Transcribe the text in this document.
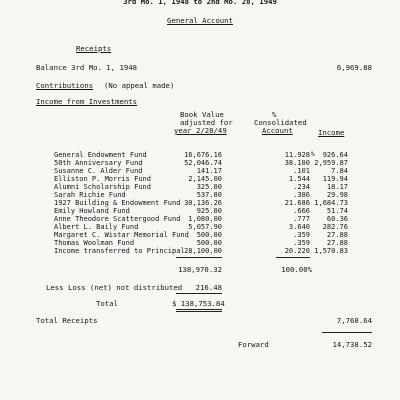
3rd Mo. 1, 1948 to 2nd Mo. 28, 1949
General Account
Receipts
Balance 3rd Mo. 1, 1948	6,969.88
Contributions (No appeal made)
Income from Investments
Book Value
adjusted for
year 2/28/49
%
Consolidated
Account	Income
General Endowment Fund	16,676.16	11.928	926.64
%
50th Anniversary Fund	52,046.74	38.100 2,959.87
Susanne C. Alder Fund	141.17	.101	7.84
Elliston P. Morris Fund	2,145.00	1.544	119.94
Alumni Scholarship Fund	325.00	.234	18.17
Sarah Richie Fund	537.80	.386	29.98
1927 Building & Endowment Fund 30,136.26	21.686 1,684.73
Emily Howland Fund	925.00	.666	51.74
Anne Theodore Scattergood Fund	1,080.00	.777	60.36
Albert L. Baily Fund	5,057.90	3.640	282.76
Margaret C. Wistar Memorial Fund	500.00	.359	27.88
Thomas Woolman Fund	500.00	.359	27.88
Income transferred to Principal 28,100.00	20.220 1,570.83
138,970.32	100.00%
Less Loss (net) not distributed	216.48
Total	$ 138,753.84
Total Receipts	7,768.64
Forward	14,738.52
